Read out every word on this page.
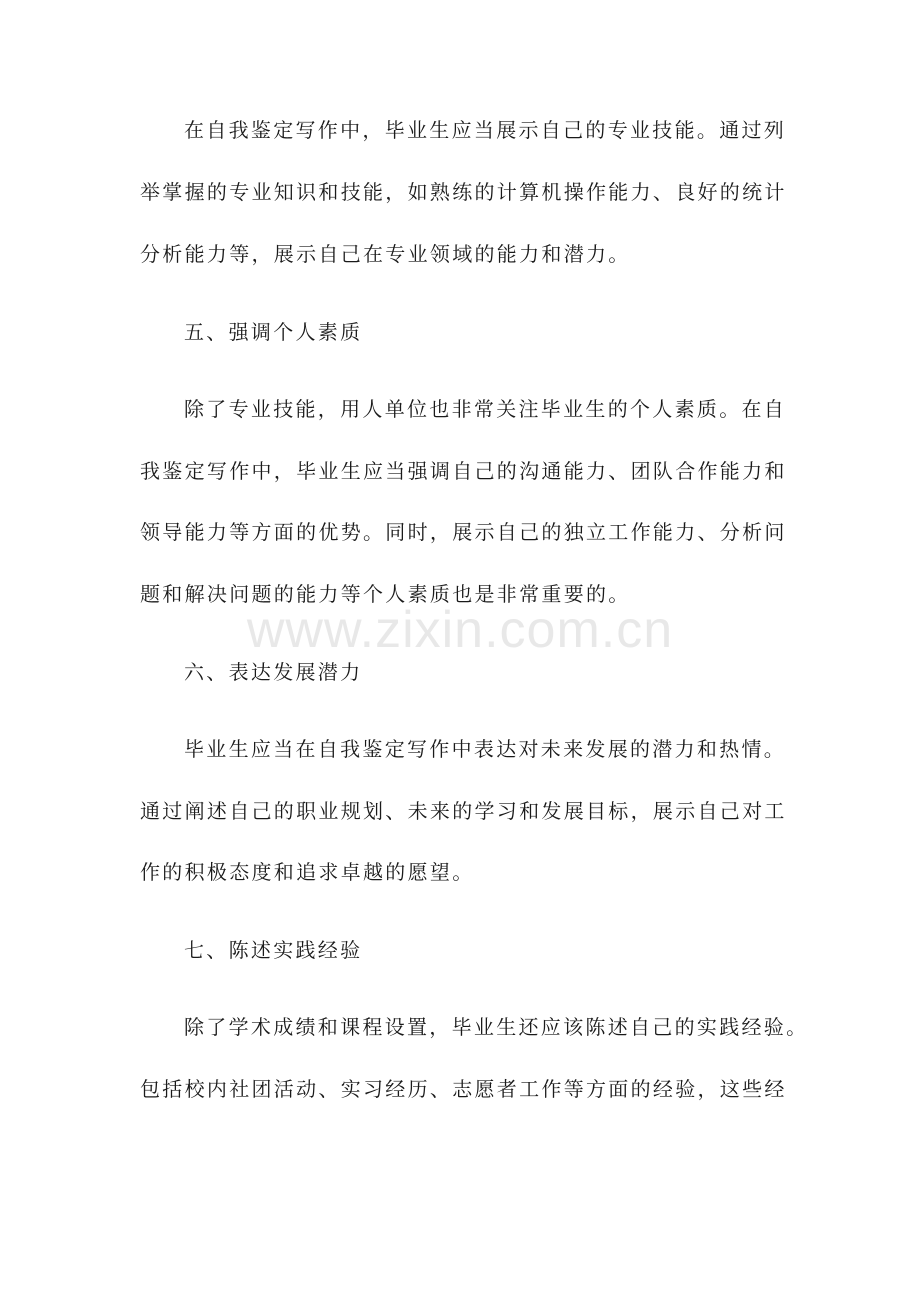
在自我鉴定写作中，毕业生应当展示自己的专业技能。通过列
举掌握的专业知识和技能，如熟练的计算机操作能力、良好的统计
分析能力等，展示自己在专业领域的能力和潜力。
五、强调个人素质
除了专业技能，用人单位也非常关注毕业生的个人素质。在自
我鉴定写作中，毕业生应当强调自己的沟通能力、团队合作能力和
领导能力等方面的优势。同时，展示自己的独立工作能力、分析问
题和解决问题的能力等个人素质也是非常重要的。
六、表达发展潜力
毕业生应当在自我鉴定写作中表达对未来发展的潜力和热情。
通过阐述自己的职业规划、未来的学习和发展目标，展示自己对工
作的积极态度和追求卓越的愿望。
七、陈述实践经验
除了学术成绩和课程设置，毕业生还应该陈述自己的实践经验。
包括校内社团活动、实习经历、志愿者工作等方面的经验，这些经
www.zixin.com.cn
